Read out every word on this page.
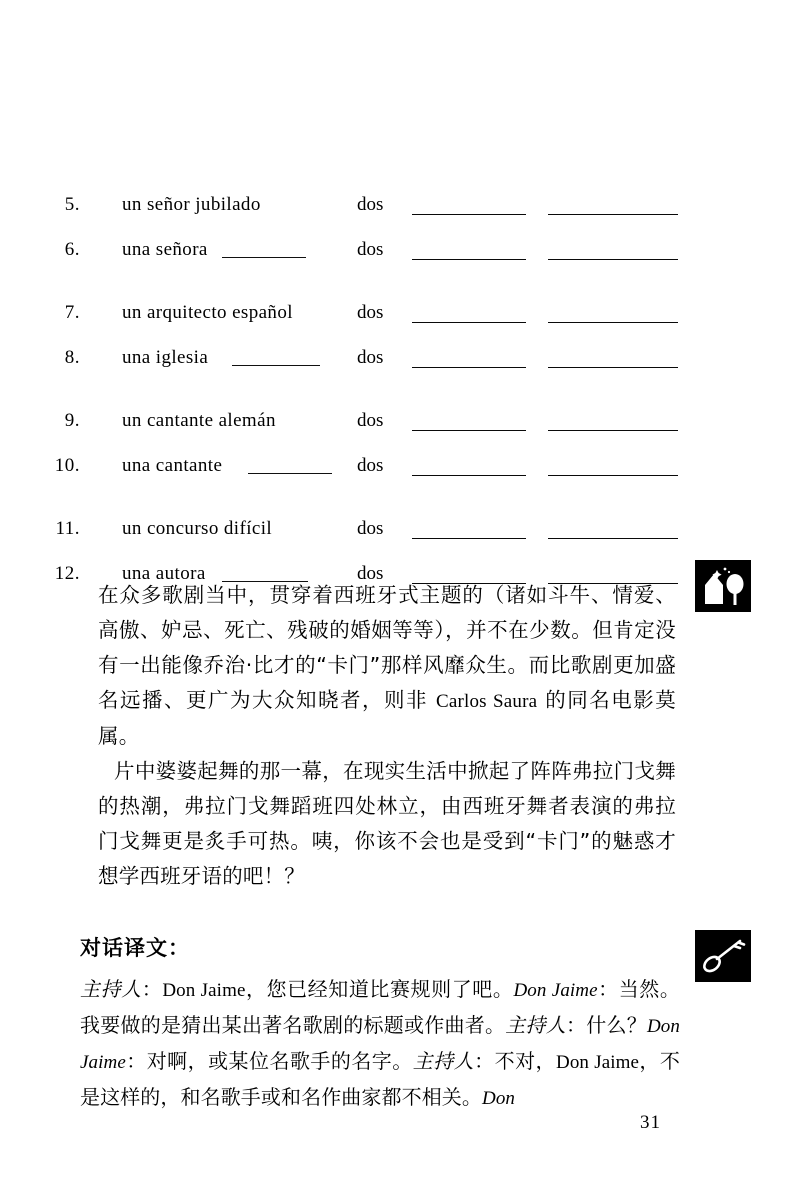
5. un señor jubilado	dos
6. una señora	dos
7. un arquitecto español	dos
8. una iglesia	dos
9. un cantante alemán	dos
10. una cantante	dos
11. un concurso difícil	dos
12. una autora	dos

在众多歌剧当中，贯穿着西班牙式主题的（诸如斗牛、情爱、高傲、妒忌、死亡、残破的婚姻等等），并不在少数。但肯定没有一出能像乔治·比才的“卡门”那样风靡众生。而比歌剧更加盛名远播、更广为大众知晓者，则非 Carlos Saura 的同名电影莫属。

片中婆婆起舞的那一幕，在现实生活中掀起了阵阵弗拉门戈舞的热潮，弗拉门戈舞蹈班四处林立，由西班牙舞者表演的弗拉门戈舞更是炙手可热。咦，你该不会也是受到“卡门”的魅惑才想学西班牙语的吧！？

对话译文：
主持人：Don Jaime，您已经知道比赛规则了吧。Don Jaime：当然。我要做的是猜出某出著名歌剧的标题或作曲者。主持人：什么？Don Jaime：对啊，或某位名歌手的名字。主持人：不对，Don Jaime，不是这样的，和名歌手或和名作曲家都不相关。Don
31
